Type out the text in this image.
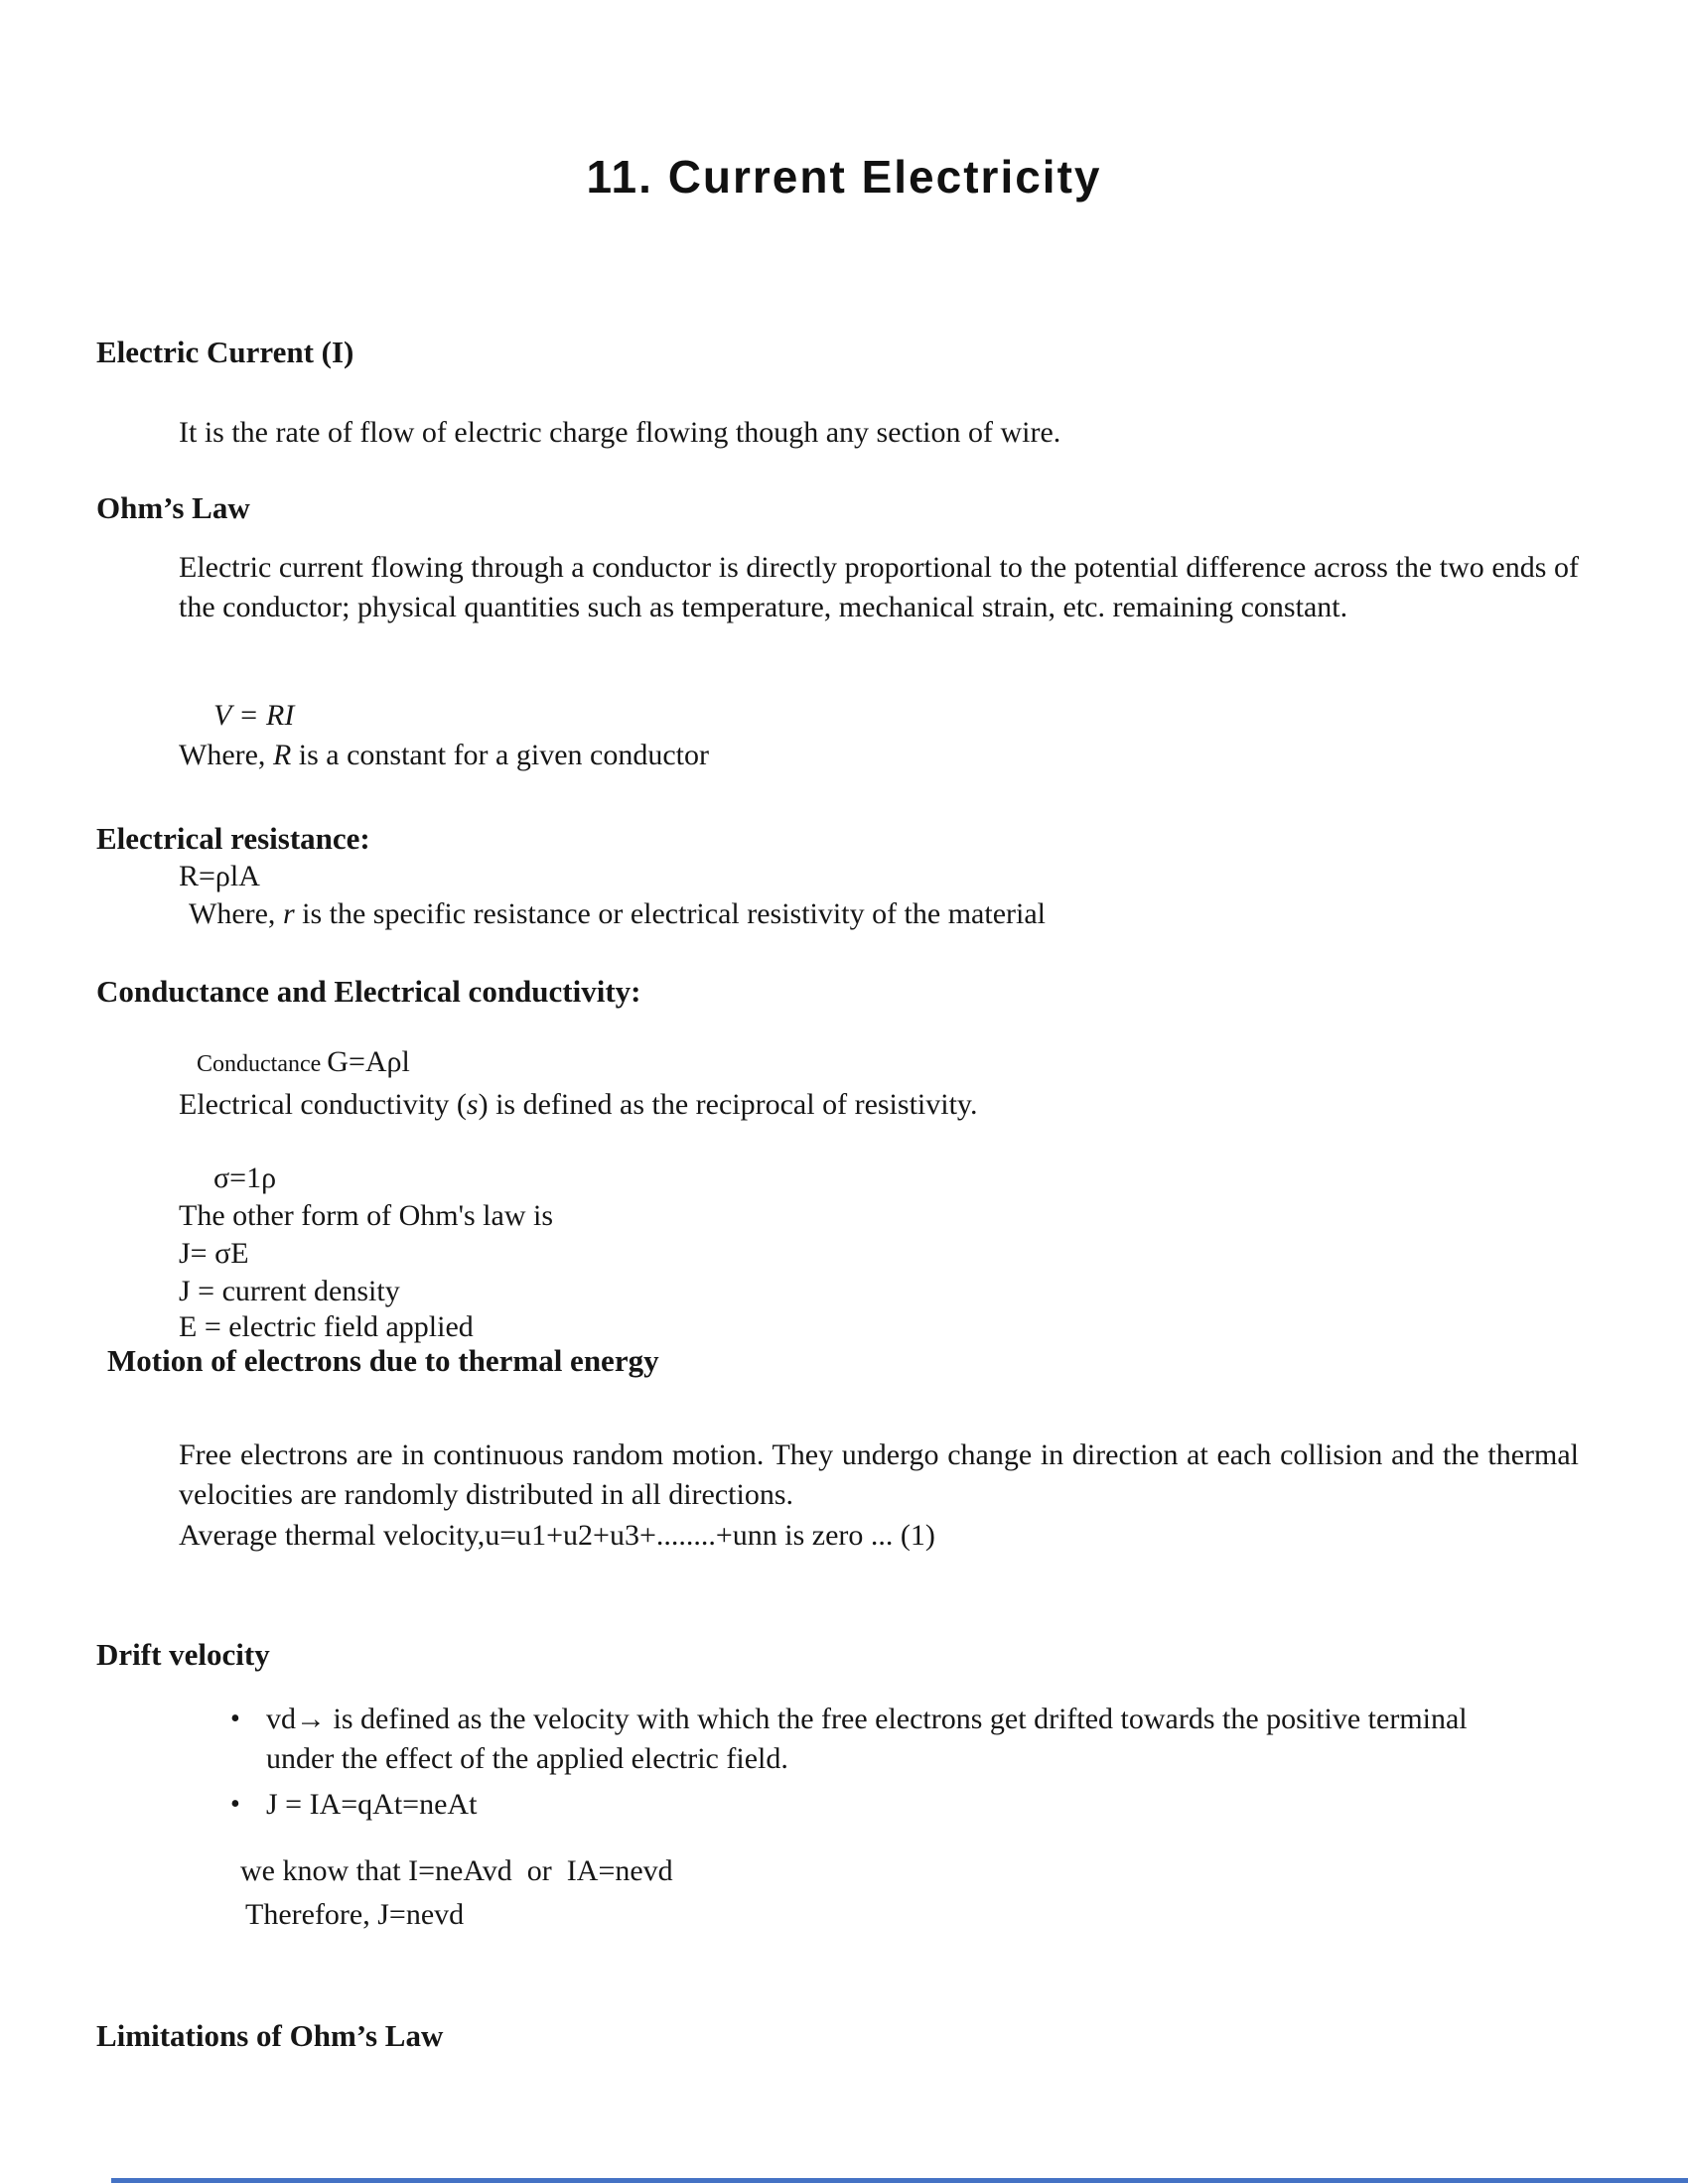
11. Current Electricity
Electric Current (I)

It is the rate of flow of electric charge flowing though any section of wire.

Ohm’s Law

Electric current flowing through a conductor is directly proportional to the potential difference across the two ends of the conductor; physical quantities such as temperature, mechanical strain, etc. remaining constant.

V = RI

Where, R is a constant for a given conductor

Electrical resistance:

R=ρlA

Where, r is the specific resistance or electrical resistivity of the material

Conductance and Electrical conductivity:

Conductance G=Aρl

Electrical conductivity (s) is defined as the reciprocal of resistivity.

σ=1ρ

The other form of Ohm's law is

J= σE

J = current density

E = electric field applied

Motion of electrons due to thermal energy

Free electrons are in continuous random motion. They undergo change in direction at each collision and the thermal velocities are randomly distributed in all directions.

Average thermal velocity,u=u1+u2+u3+........+unn is zero ... (1)

Drift velocity
• vd→ is defined as the velocity with which the free electrons get drifted towards the positive terminal under the effect of the applied electric field.
• J = IA=qAt=neAt

we know that I=neAvd  or  IA=nevd

Therefore, J=nevd

Limitations of Ohm’s Law
